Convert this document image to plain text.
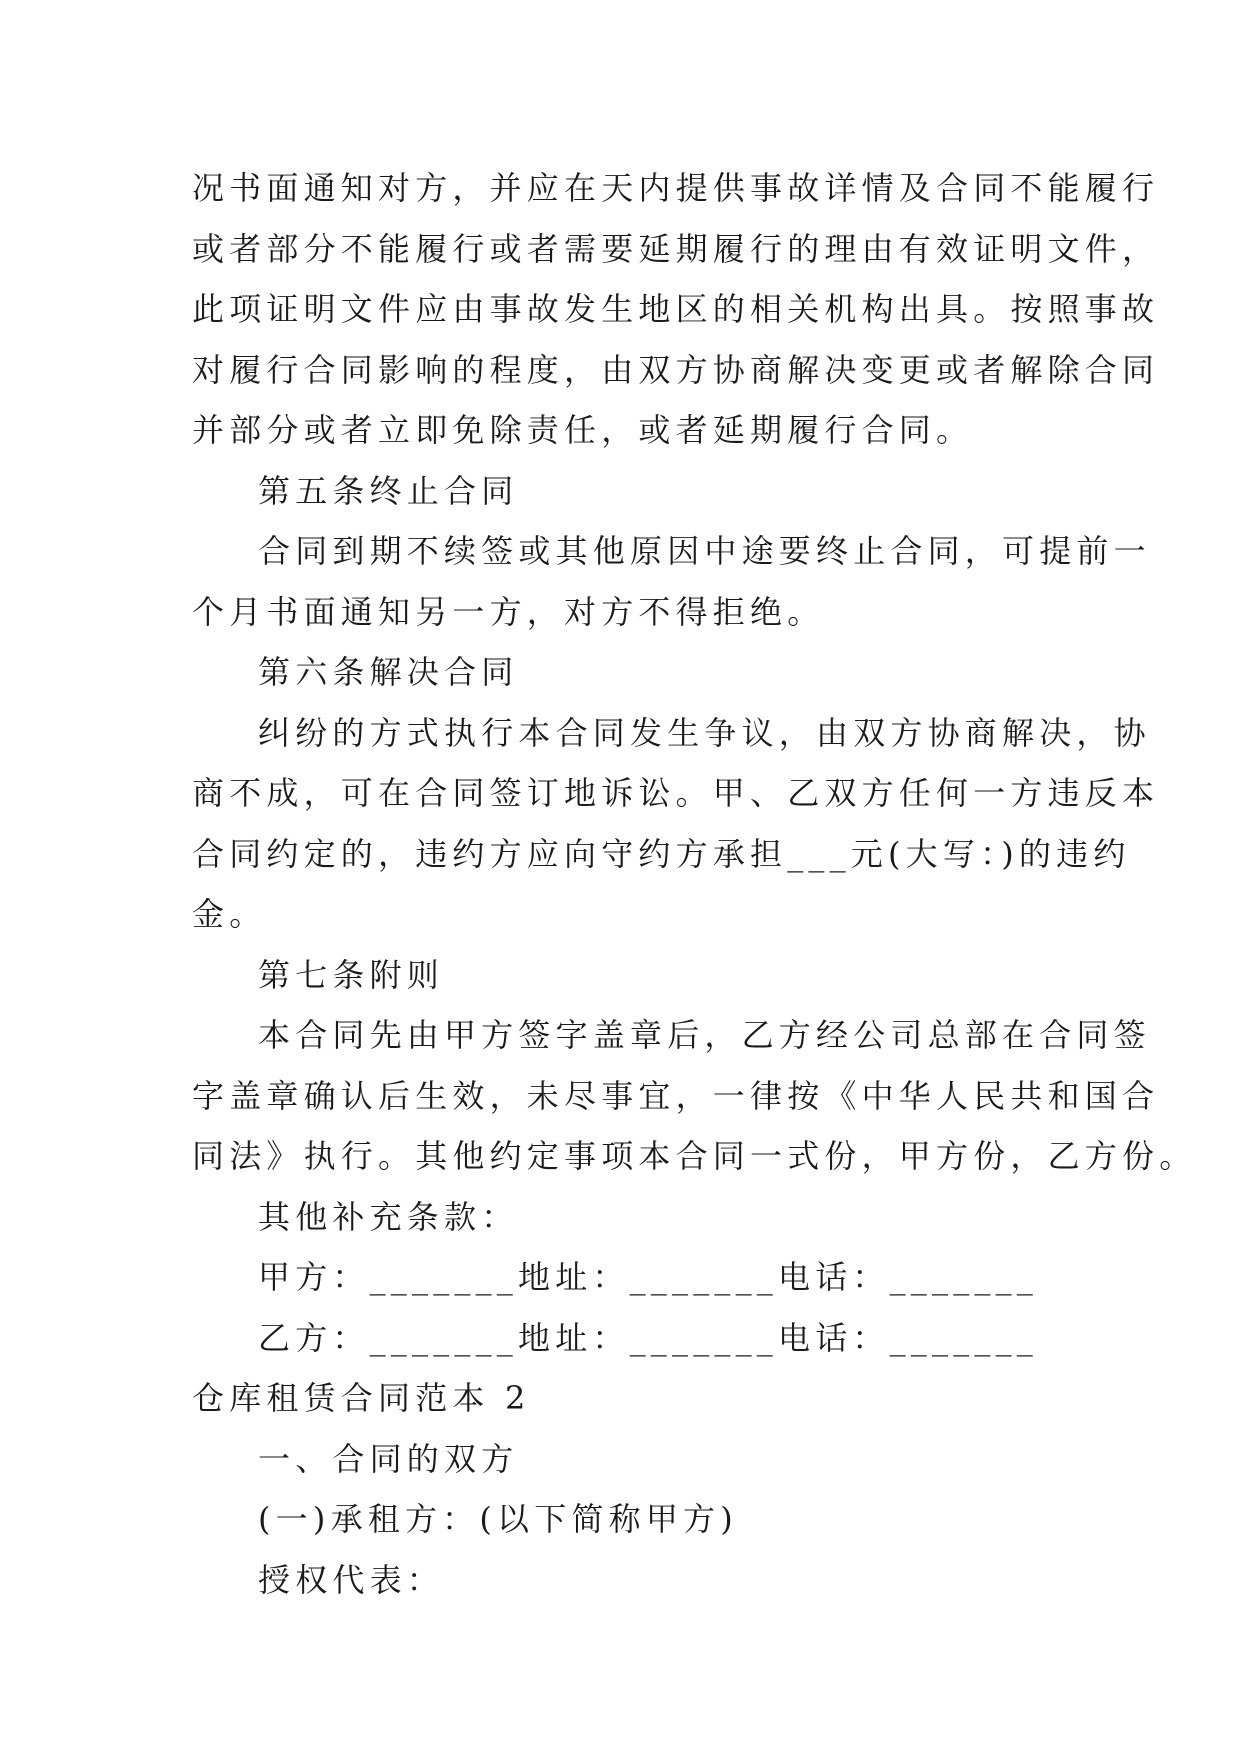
况书面通知对方，并应在天内提供事故详情及合同不能履行
或者部分不能履行或者需要延期履行的理由有效证明文件，
此项证明文件应由事故发生地区的相关机构出具。按照事故
对履行合同影响的程度，由双方协商解决变更或者解除合同
并部分或者立即免除责任，或者延期履行合同。
第五条终止合同
合同到期不续签或其他原因中途要终止合同，可提前一
个月书面通知另一方，对方不得拒绝。
第六条解决合同
纠纷的方式执行本合同发生争议，由双方协商解决，协
商不成，可在合同签订地诉讼。甲、乙双方任何一方违反本
合同约定的，违约方应向守约方承担___元(大写：)的违约
金。
第七条附则
本合同先由甲方签字盖章后，乙方经公司总部在合同签
字盖章确认后生效，未尽事宜，一律按《中华人民共和国合
同法》执行。其他约定事项本合同一式份，甲方份，乙方份。
其他补充条款：
甲方：_______地址：_______电话：_______
乙方：_______地址：_______电话：_______
仓库租赁合同范本 2
一、合同的双方
(一)承租方：(以下简称甲方)
授权代表：
